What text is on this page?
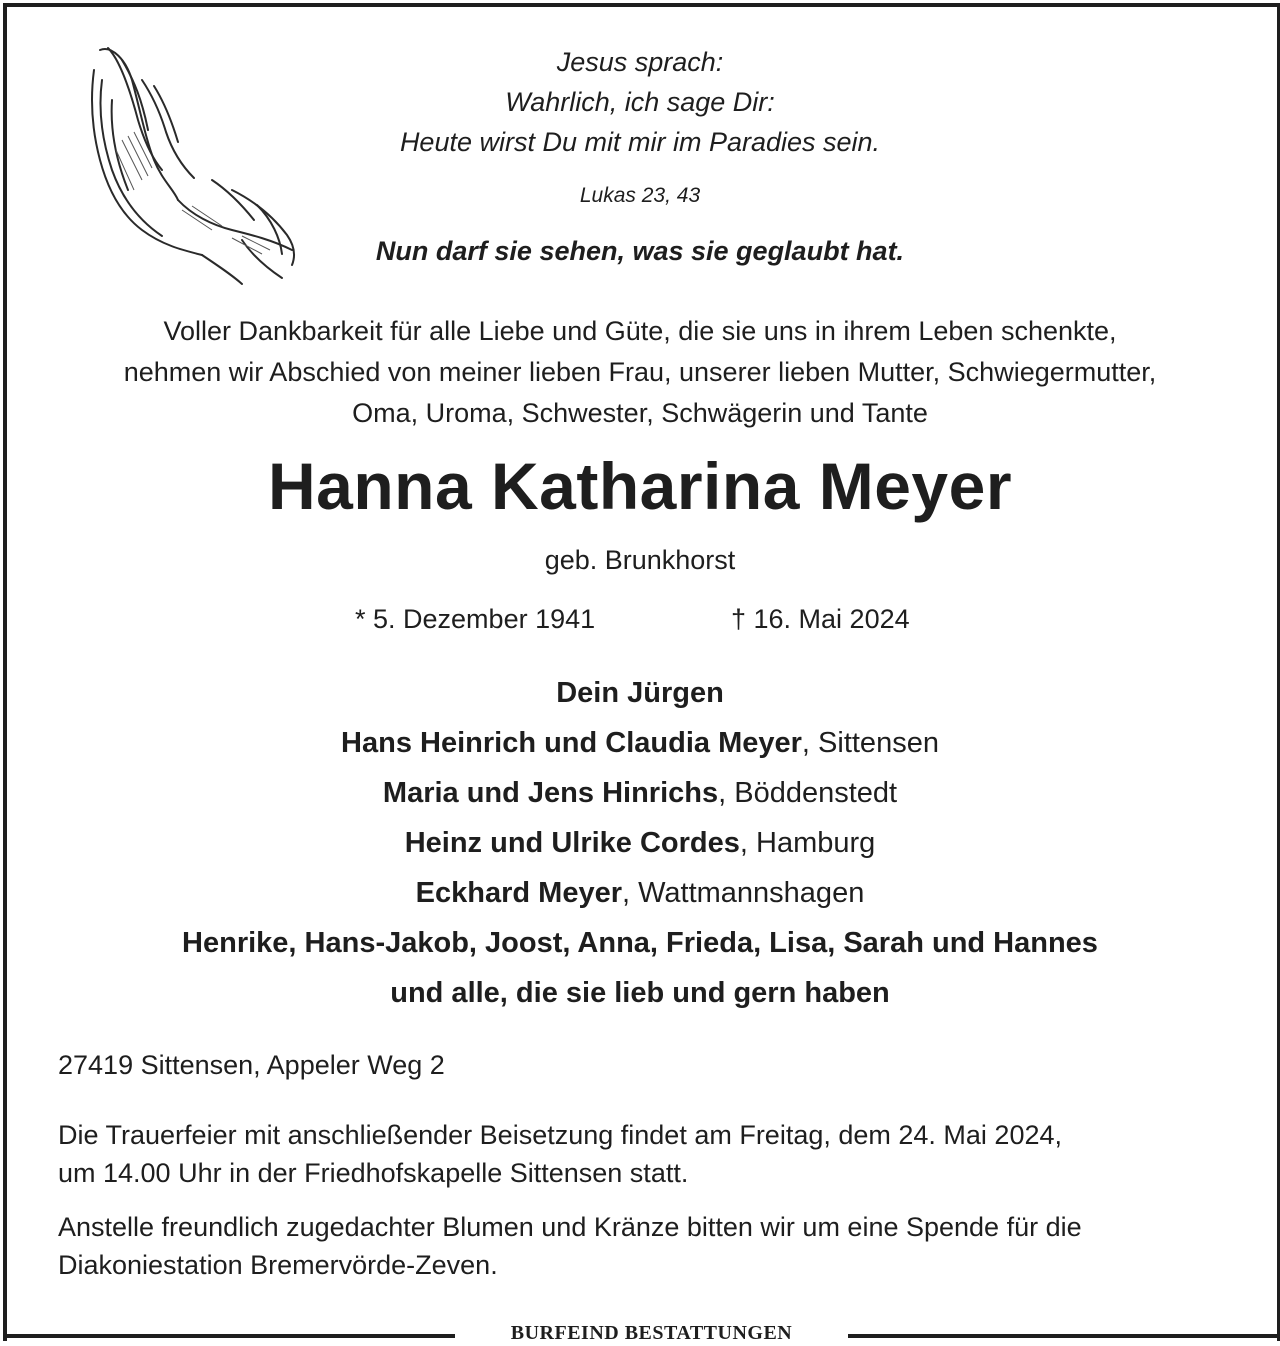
BURFEIND BESTATTUNGEN
Jesus sprach:
Wahrlich, ich sage Dir:
Heute wirst Du mit mir im Paradies sein.
Lukas 23, 43
Nun darf sie sehen, was sie geglaubt hat.
Voller Dankbarkeit für alle Liebe und Güte, die sie uns in ihrem Leben schenkte,
nehmen wir Abschied von meiner lieben Frau, unserer lieben Mutter, Schwiegermutter,
Oma, Uroma, Schwester, Schwägerin und Tante
Hanna Katharina Meyer
geb. Brunkhorst
* 5. Dezember 1941	† 16. Mai 2024
Dein Jürgen
Hans Heinrich und Claudia Meyer, Sittensen
Maria und Jens Hinrichs, Böddenstedt
Heinz und Ulrike Cordes, Hamburg
Eckhard Meyer, Wattmannshagen
Henrike, Hans-Jakob, Joost, Anna, Frieda, Lisa, Sarah und Hannes
und alle, die sie lieb und gern haben
27419 Sittensen, Appeler Weg 2
Die Trauerfeier mit anschließender Beisetzung findet am Freitag, dem 24. Mai 2024,
um 14.00 Uhr in der Friedhofskapelle Sittensen statt.
Anstelle freundlich zugedachter Blumen und Kränze bitten wir um eine Spende für die
Diakoniestation Bremervörde-Zeven.
